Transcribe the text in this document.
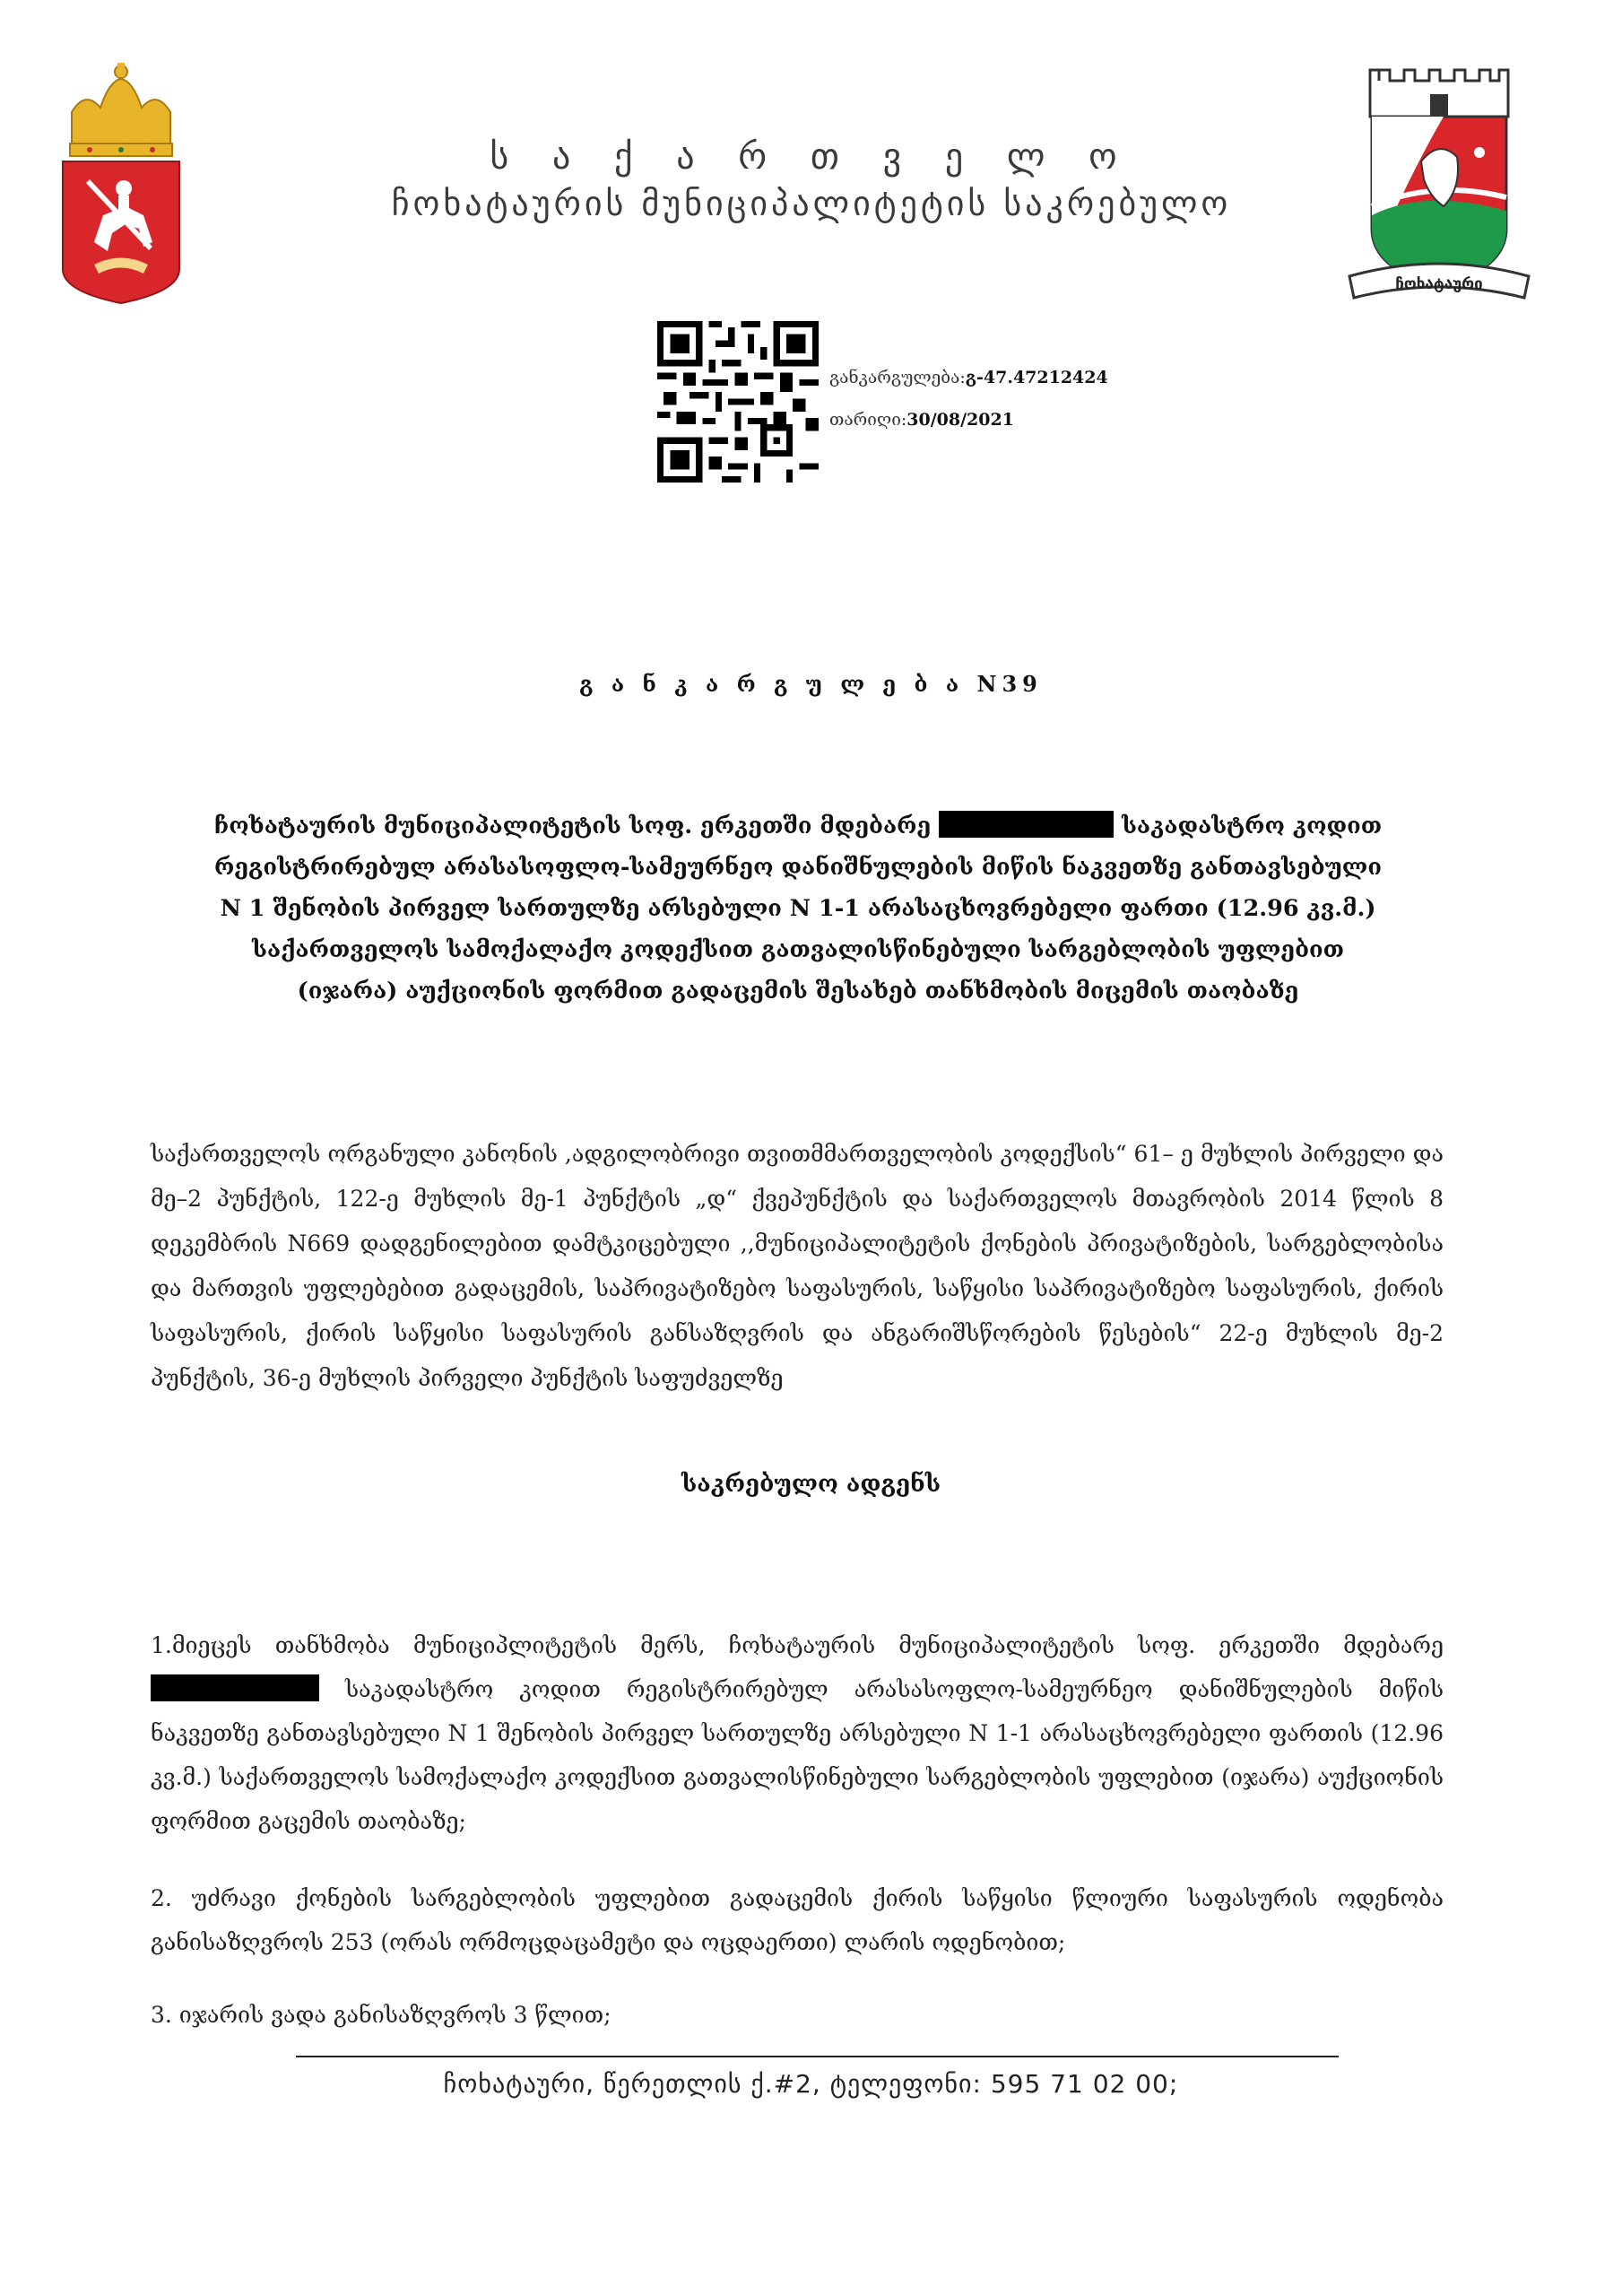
ს ა ქ ა რ თ ვ ე ლ ო
ჩოხატაურის მუნიციპალიტეტის საკრებულო
ჩოხატაური
განკარგულება:გ-47.47212424
თარიღი:30/08/2021
გ ა ნ კ ა რ გ უ ლ ე ბ ა N39
ჩოხატაურის მუნიციპალიტეტის სოფ. ერკეთში მდებარე	საკადასტრო კოდით
რეგისტრირებულ არასასოფლო-სამეურნეო დანიშნულების მიწის ნაკვეთზე განთავსებული
N 1 შენობის პირველ სართულზე არსებული N 1-1 არასაცხოვრებელი ფართი (12.96 კვ.მ.)
საქართველოს სამოქალაქო კოდექსით გათვალისწინებული სარგებლობის უფლებით
(იჯარა) აუქციონის ფორმით გადაცემის შესახებ თანხმობის მიცემის თაობაზე
საქართველოს ორგანული კანონის ,ადგილობრივი თვითმმართველობის კოდექსის“ 61– ე მუხლის პირველი და მე–2 პუნქტის, 122-ე მუხლის მე-1 პუნქტის „დ“ ქვეპუნქტის და საქართველოს მთავრობის 2014 წლის 8 დეკემბრის N669 დადგენილებით დამტკიცებული ,,მუნიციპალიტეტის ქონების პრივატიზების, სარგებლობისა და მართვის უფლებებით გადაცემის, საპრივატიზებო საფასურის, საწყისი საპრივატიზებო საფასურის, ქირის საფასურის, ქირის საწყისი საფასურის განსაზღვრის და ანგარიშსწორების წესების“ 22-ე მუხლის მე-2 პუნქტის, 36-ე მუხლის პირველი პუნქტის საფუძველზე
საკრებულო ადგენს
1.მიეცეს თანხმობა მუნიციპლიტეტის მერს, ჩოხატაურის მუნიციპალიტეტის სოფ. ერკეთში მდებარე
საკადასტრო კოდით რეგისტრირებულ არასასოფლო-სამეურნეო დანიშნულების მიწის ნაკვეთზე განთავსებული N 1 შენობის პირველ სართულზე არსებული N 1-1 არასაცხოვრებელი ფართის (12.96 კვ.მ.) საქართველოს სამოქალაქო კოდექსით გათვალისწინებული სარგებლობის უფლებით (იჯარა) აუქციონის ფორმით გაცემის თაობაზე;
2. უძრავი ქონების სარგებლობის უფლებით გადაცემის ქირის საწყისი წლიური საფასურის ოდენობა განისაზღვროს 253 (ორას ორმოცდაცამეტი და ოცდაერთი) ლარის ოდენობით;
3. იჯარის ვადა განისაზღვროს 3 წლით;
ჩოხატაური, წერეთლის ქ.#2, ტელეფონი: 595 71 02 00;
